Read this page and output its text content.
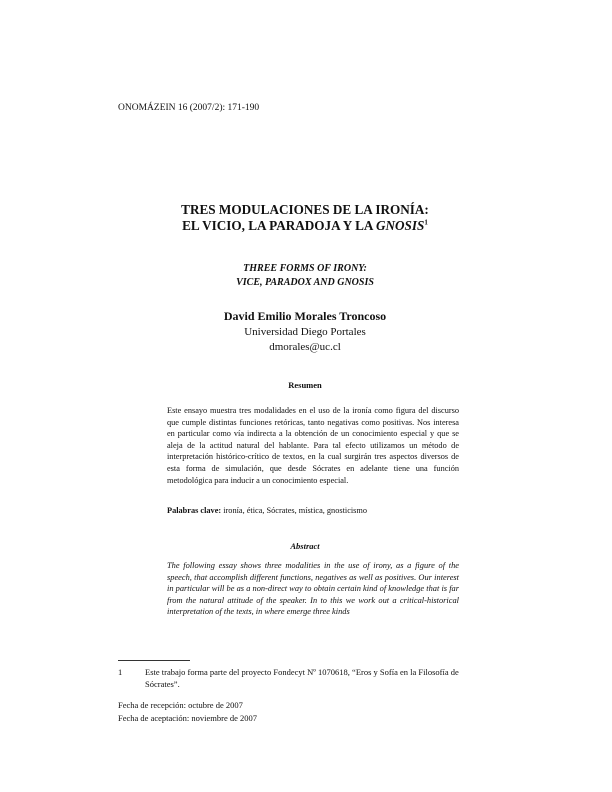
ONOMÁZEIN 16 (2007/2): 171-190
TRES MODULACIONES DE LA IRONÍA:
EL VICIO, LA PARADOJA Y LA GNOSIS$^1$
THREE FORMS OF IRONY:
VICE, PARADOX AND GNOSIS
David Emilio Morales Troncoso
Universidad Diego Portales
dmorales@uc.cl
Resumen
Este ensayo muestra tres modalidades en el uso de la ironía como figura del discurso que cumple distintas funciones retóricas, tanto negativas como positivas. Nos interesa en particular como vía indirecta a la obtención de un conocimiento especial y que se aleja de la actitud natural del hablante. Para tal efecto utilizamos un método de interpretación histórico-crítico de textos, en la cual surgirán tres aspectos diversos de esta forma de simulación, que desde Sócrates en adelante tiene una función metodológica para inducir a un conocimiento especial.
Palabras clave: ironía, ética, Sócrates, mística, gnosticismo
Abstract
The following essay shows three modalities in the use of irony, as a figure of the speech, that accomplish different functions, negatives as well as positives. Our interest in particular will be as a non-direct way to obtain certain kind of knowledge that is far from the natural attitude of the speaker. In to this we work out a critical-historical interpretation of the texts, in where emerge three kinds
1	Este trabajo forma parte del proyecto Fondecyt Nº 1070618, “Eros y Sofía en la Filosofía de Sócrates”.
Fecha de recepción: octubre de 2007
Fecha de aceptación: noviembre de 2007
